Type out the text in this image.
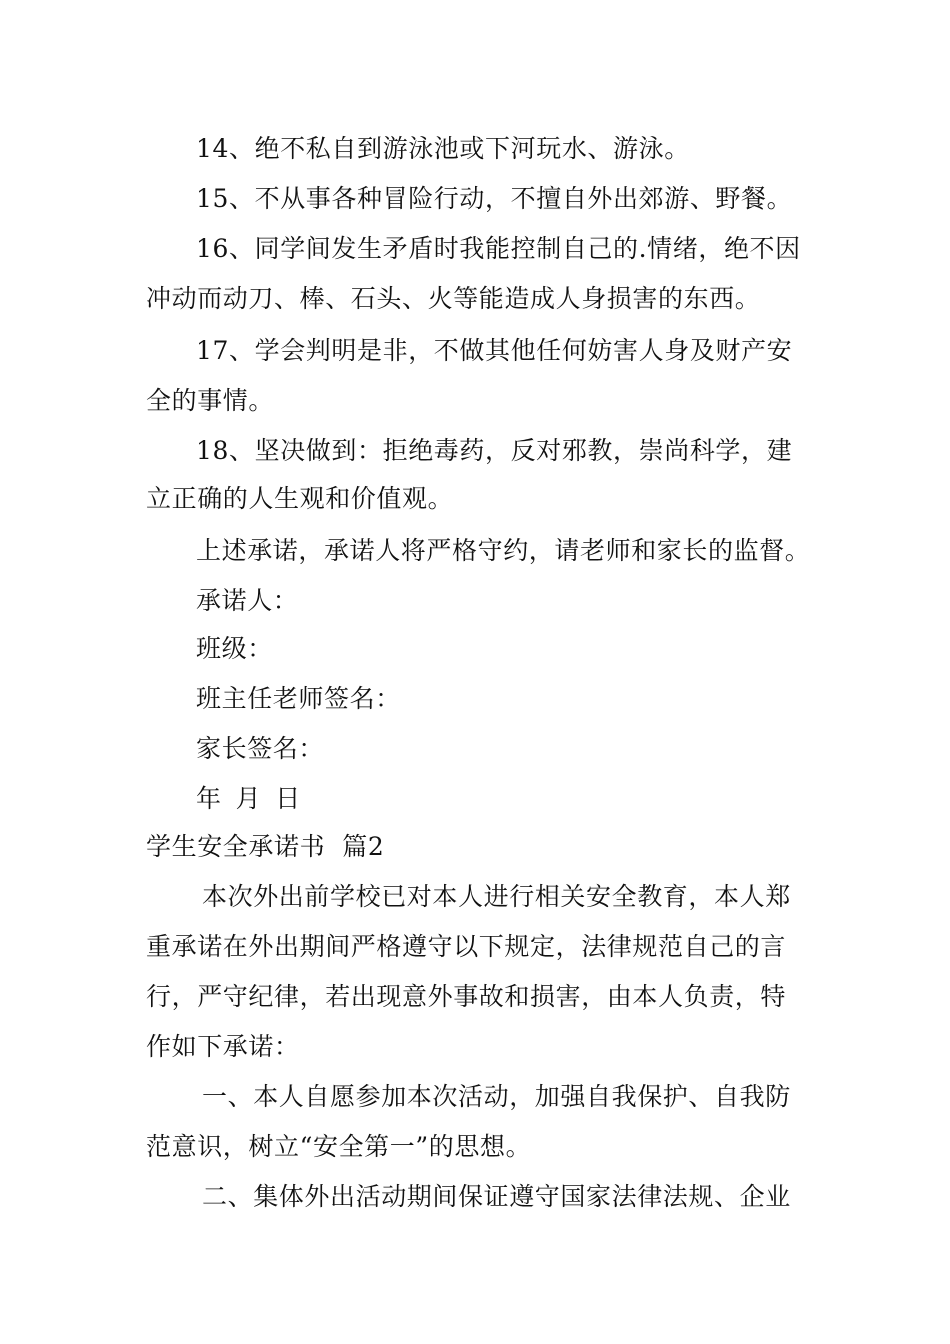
14、绝不私自到游泳池或下河玩水、游泳。
15、不从事各种冒险行动，不擅自外出郊游、野餐。
16、同学间发生矛盾时我能控制自己的.情绪，绝不因
冲动而动刀、棒、石头、火等能造成人身损害的东西。
17、学会判明是非，不做其他任何妨害人身及财产安
全的事情。
18、坚决做到：拒绝毒药，反对邪教，崇尚科学，建
立正确的人生观和价值观。
上述承诺，承诺人将严格守约，请老师和家长的监督。
承诺人：
班级：
班主任老师签名：
家长签名：
年 月 日
学生安全承诺书  篇2
本次外出前学校已对本人进行相关安全教育，本人郑
重承诺在外出期间严格遵守以下规定，法律规范自己的言
行，严守纪律，若出现意外事故和损害，由本人负责，特
作如下承诺：
一、本人自愿参加本次活动，加强自我保护、自我防
范意识，树立“安全第一”的思想。
二、集体外出活动期间保证遵守国家法律法规、企业
